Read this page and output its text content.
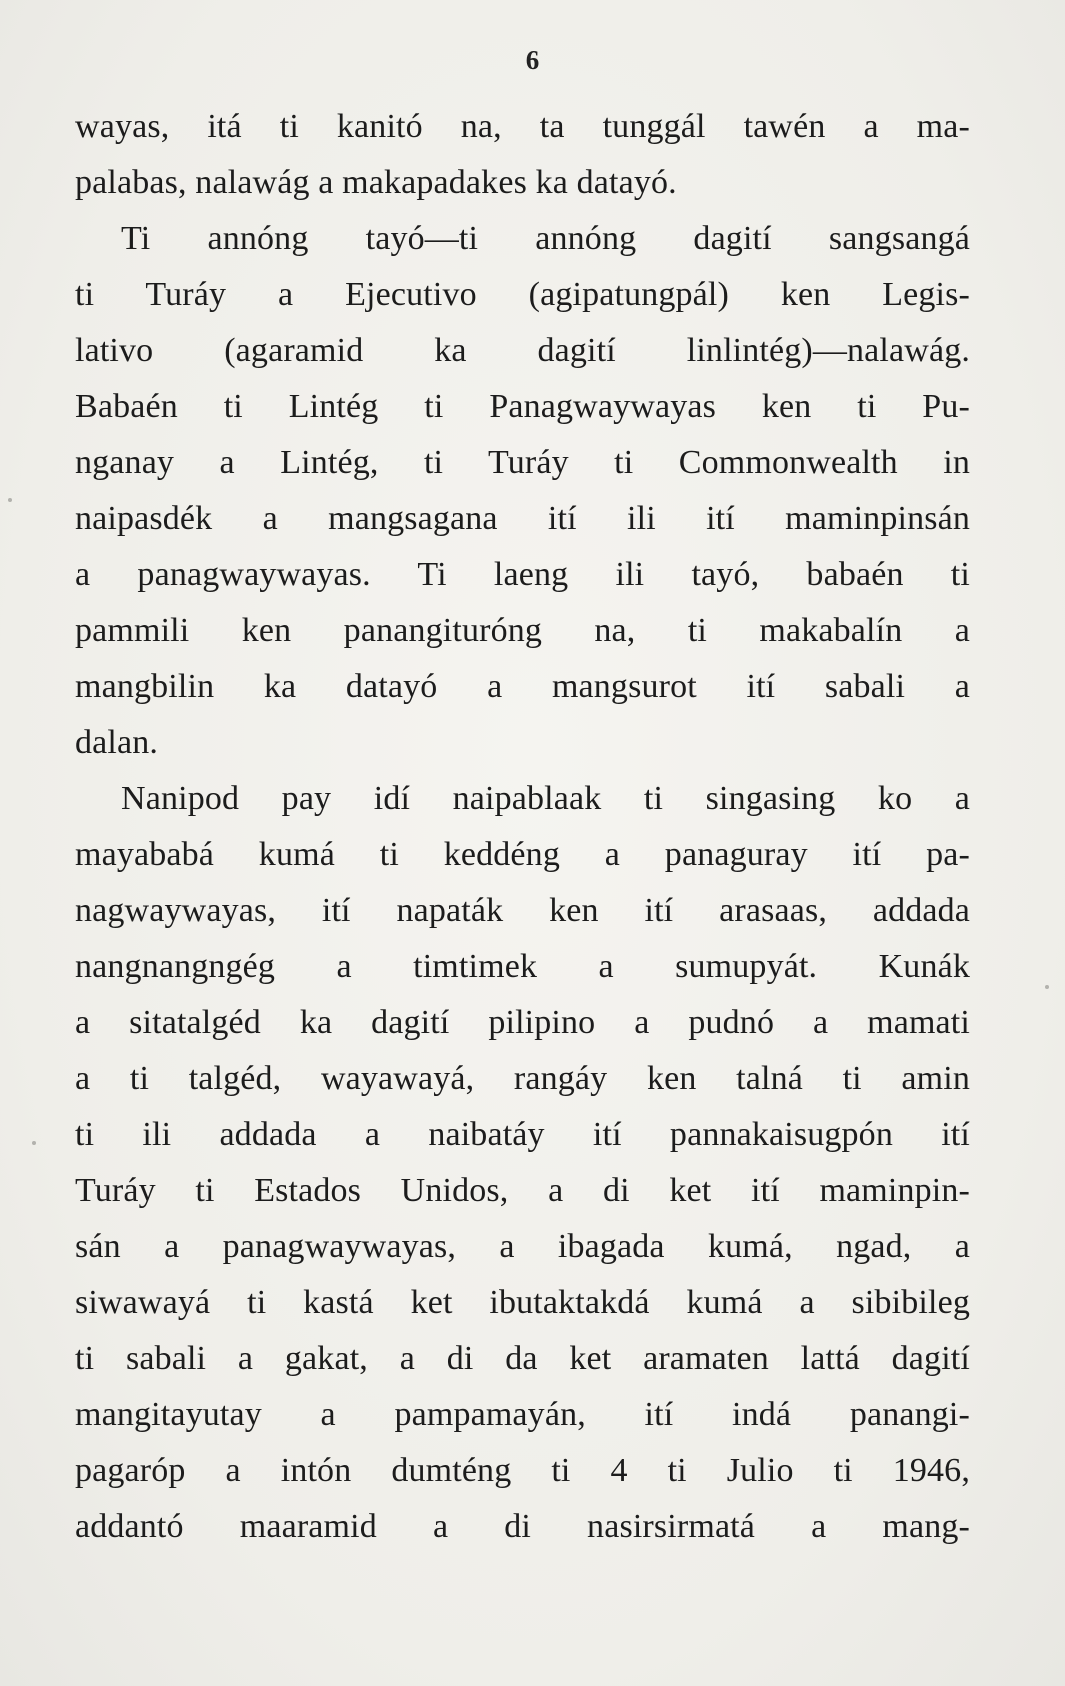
6
wayas, itá ti kanitó na, ta tunggál tawén a ma-
palabas, nalawág a makapadakes ka datayó.
Ti annóng tayó—ti annóng dagití sangsangá
ti Turáy a Ejecutivo (agipatungpál) ken Legis-
lativo (agaramid ka dagití linlintég)—nalawág.
Babaén ti Lintég ti Panagwaywayas ken ti Pu-
nganay a Lintég, ti Turáy ti Commonwealth in
naipasdék a mangsagana ití ili ití maminpinsán
a panagwaywayas. Ti laeng ili tayó, babaén ti
pammili ken panangituróng na, ti makabalín a
mangbilin ka datayó a mangsurot ití sabali a
dalan.
Nanipod pay idí naipablaak ti singasing ko a
mayababá kumá ti keddéng a panaguray ití pa-
nagwaywayas, ití napaták ken ití arasaas, addada
nangnangngég a timtimek a sumupyát. Kunák
a sitatalgéd ka dagití pilipino a pudnó a mamati
a ti talgéd, wayawayá, rangáy ken talná ti amin
ti ili addada a naibatáy ití pannakaisugpón ití
Turáy ti Estados Unidos, a di ket ití maminpin-
sán a panagwaywayas, a ibagada kumá, ngad, a
siwawayá ti kastá ket ibutaktakdá kumá a sibibileg
ti sabali a gakat, a di da ket aramaten lattá dagití
mangitayutay a pampamayán, ití indá panangi-
pagaróp a intón dumténg ti 4 ti Julio ti 1946,
addantó maaramid a di nasirsirmatá a mang-
